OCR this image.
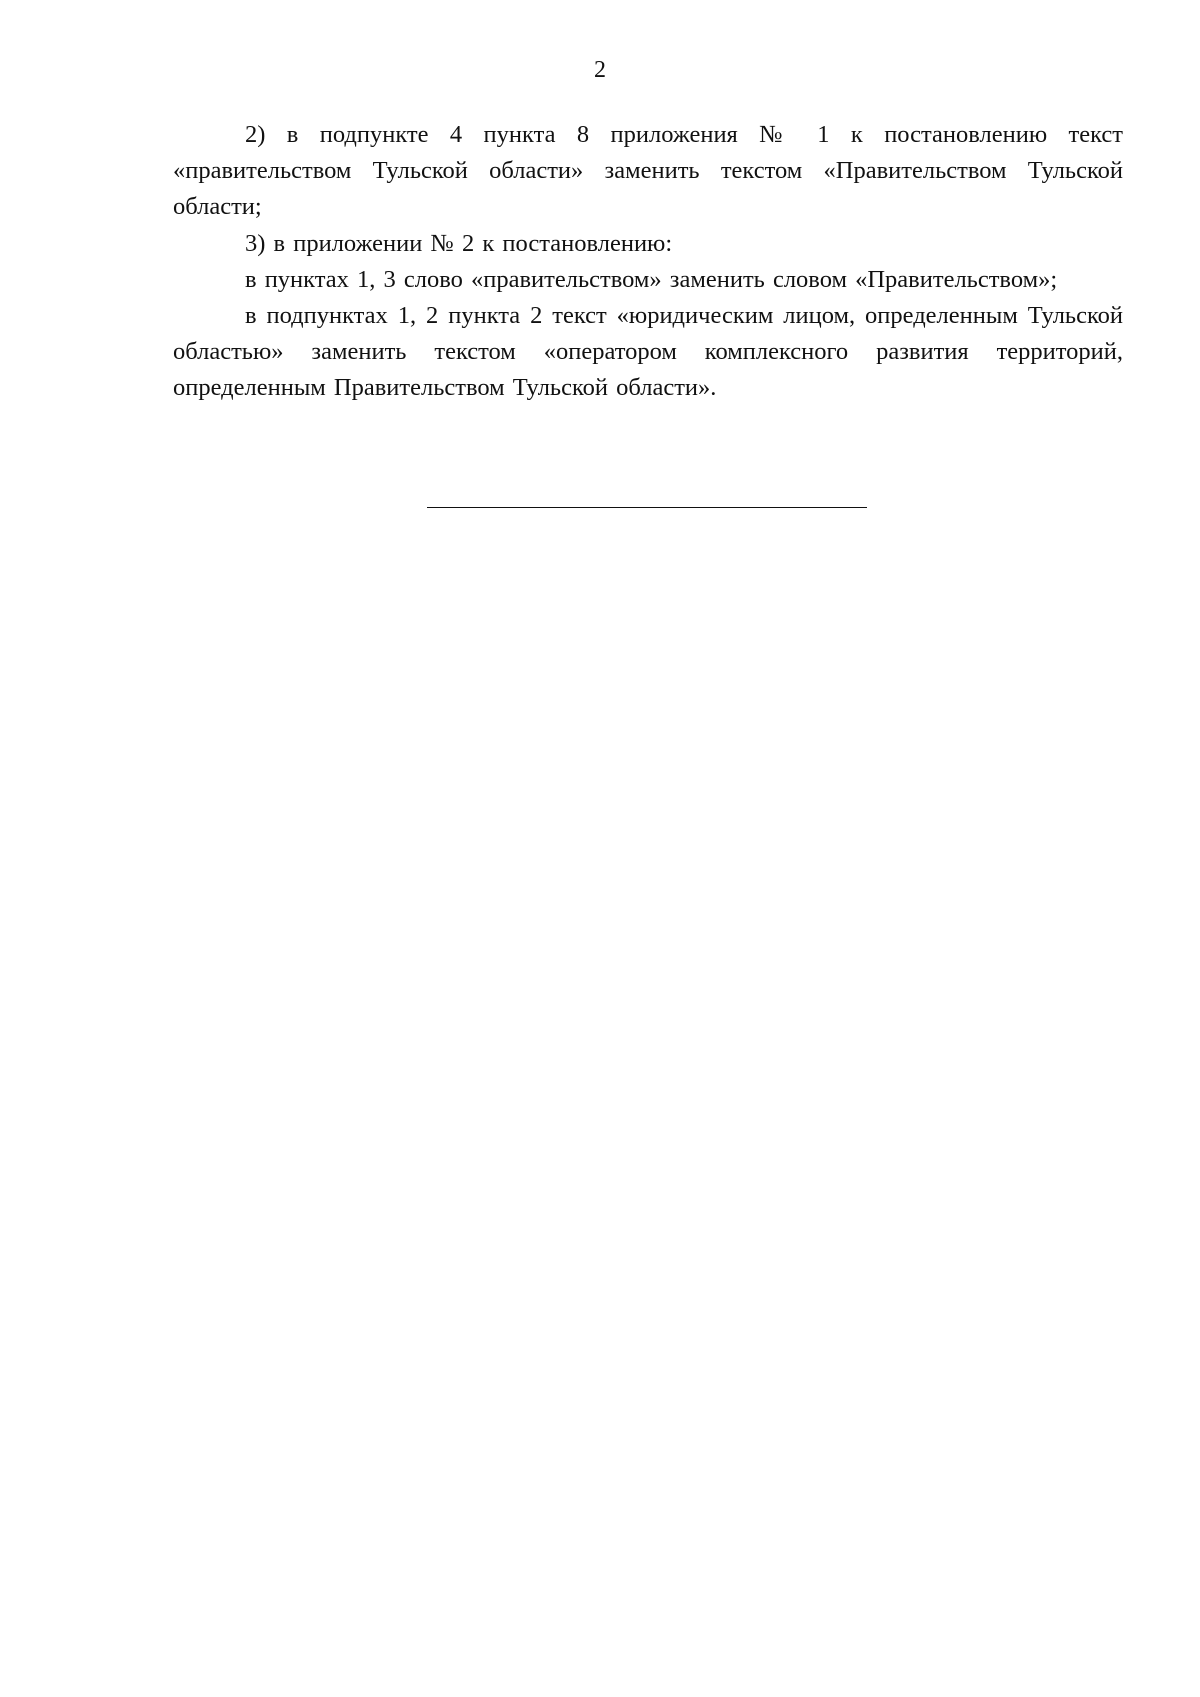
2

2) в подпункте 4 пункта 8 приложения № 1 к постановлению текст «правительством Тульской области» заменить текстом «Правительством Тульской области;

3) в приложении № 2 к постановлению:

в пунктах 1, 3 слово «правительством» заменить словом «Правительством»;

в подпунктах 1, 2 пункта 2 текст «юридическим лицом, определенным Тульской областью» заменить текстом «оператором комплексного развития территорий, определенным Правительством Тульской области».
